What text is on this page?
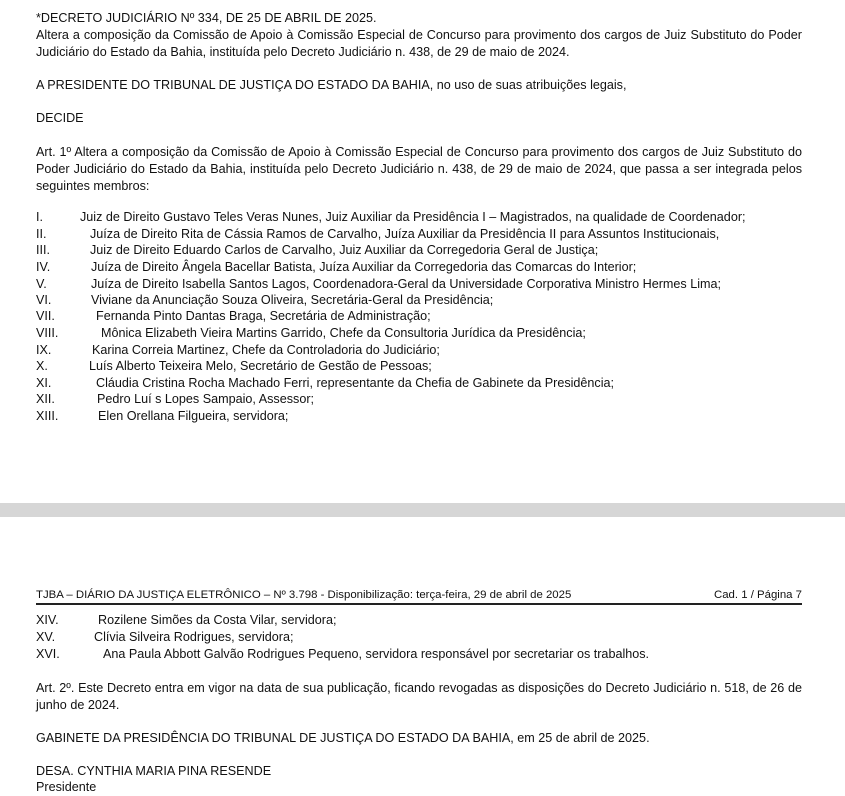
*DECRETO JUDICIÁRIO Nº 334, DE 25 DE ABRIL DE 2025.
Altera a composição da Comissão de Apoio à Comissão Especial de Concurso para provimento dos cargos de Juiz Substituto do Poder Judiciário do Estado da Bahia, instituída pelo Decreto Judiciário n. 438, de 29 de maio de 2024.
A PRESIDENTE DO TRIBUNAL DE JUSTIÇA DO ESTADO DA BAHIA, no uso de suas atribuições legais,
DECIDE
Art. 1º Altera a composição da Comissão de Apoio à Comissão Especial de Concurso para provimento dos cargos de Juiz Substituto do Poder Judiciário do Estado da Bahia, instituída pelo Decreto Judiciário n. 438, de 29 de maio de 2024, que passa a ser integrada pelos seguintes membros:
I.	Juiz de Direito Gustavo Teles Veras Nunes, Juiz Auxiliar da Presidência I – Magistrados, na qualidade de Coordenador;
II.	Juíza de Direito Rita de Cássia Ramos de Carvalho, Juíza Auxiliar da Presidência II para Assuntos Institucionais,
III.	Juiz de Direito Eduardo Carlos de Carvalho, Juiz Auxiliar da Corregedoria Geral de Justiça;
IV.	Juíza de Direito Ângela Bacellar Batista, Juíza Auxiliar da Corregedoria das Comarcas do Interior;
V.	Juíza de Direito Isabella Santos Lagos, Coordenadora-Geral da Universidade Corporativa Ministro Hermes Lima;
VI.	Viviane da Anunciação Souza Oliveira, Secretária-Geral da Presidência;
VII.	Fernanda Pinto Dantas Braga, Secretária de Administração;
VIII.	Mônica Elizabeth Vieira Martins Garrido, Chefe da Consultoria Jurídica da Presidência;
IX.	Karina Correia Martinez, Chefe da Controladoria do Judiciário;
X.	Luís Alberto Teixeira Melo, Secretário de Gestão de Pessoas;
XI.	Cláudia Cristina Rocha Machado Ferri, representante da Chefia de Gabinete da Presidência;
XII.	Pedro Luí s Lopes Sampaio, Assessor;
XIII.	Elen Orellana Filgueira, servidora;
TJBA – DIÁRIO DA JUSTIÇA ELETRÔNICO – Nº 3.798 - Disponibilização: terça-feira, 29 de abril de 2025	Cad. 1 / Página 7
XIV.	Rozilene Simões da Costa Vilar, servidora;
XV.	Clívia Silveira Rodrigues, servidora;
XVI.	Ana Paula Abbott Galvão Rodrigues Pequeno, servidora responsável por secretariar os trabalhos.
Art. 2º. Este Decreto entra em vigor na data de sua publicação, ficando revogadas as disposições do Decreto Judiciário n. 518, de 26 de junho de 2024.
GABINETE DA PRESIDÊNCIA DO TRIBUNAL DE JUSTIÇA DO ESTADO DA BAHIA, em 25 de abril de 2025.
DESA. CYNTHIA MARIA PINA RESENDE
Presidente
